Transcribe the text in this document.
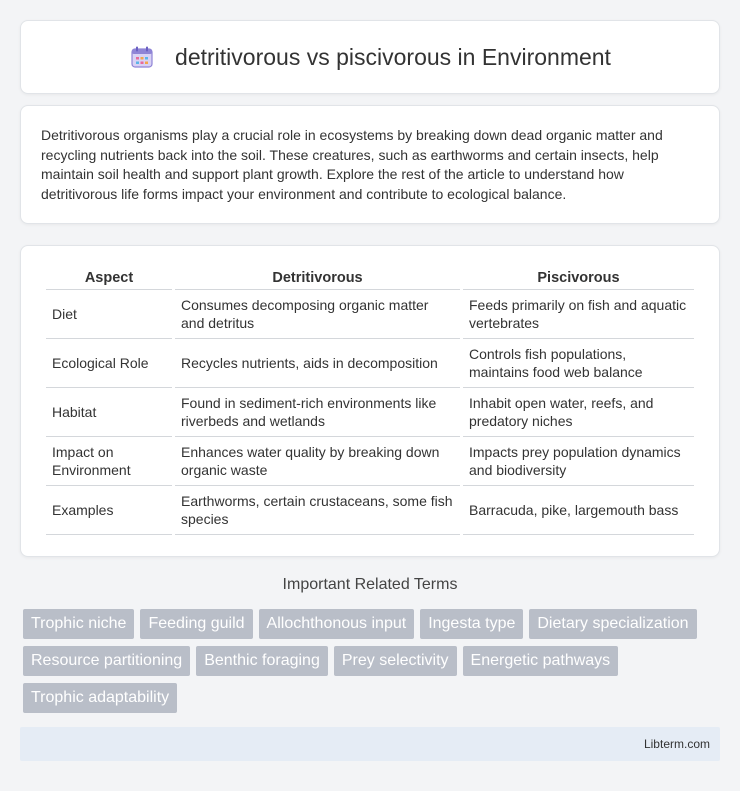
detritivorous vs piscivorous in Environment

Detritivorous organisms play a crucial role in ecosystems by breaking down dead organic matter and recycling nutrients back into the soil. These creatures, such as earthworms and certain insects, help maintain soil health and support plant growth. Explore the rest of the article to understand how detritivorous life forms impact your environment and contribute to ecological balance.

Aspect	Detritivorous	Piscivorous
Diet	Consumes decomposing organic matter and detritus	Feeds primarily on fish and aquatic vertebrates
Ecological Role	Recycles nutrients, aids in decomposition	Controls fish populations, maintains food web balance
Habitat	Found in sediment-rich environments like riverbeds and wetlands	Inhabit open water, reefs, and predatory niches
Impact on Environment	Enhances water quality by breaking down organic waste	Impacts prey population dynamics and biodiversity
Examples	Earthworms, certain crustaceans, some fish species	Barracuda, pike, largemouth bass
Important Related Terms
Trophic niche	Feeding guild	Allochthonous input	Ingesta type	Dietary specialization
Resource partitioning	Benthic foraging	Prey selectivity	Energetic pathways
Trophic adaptability
Libterm.com
